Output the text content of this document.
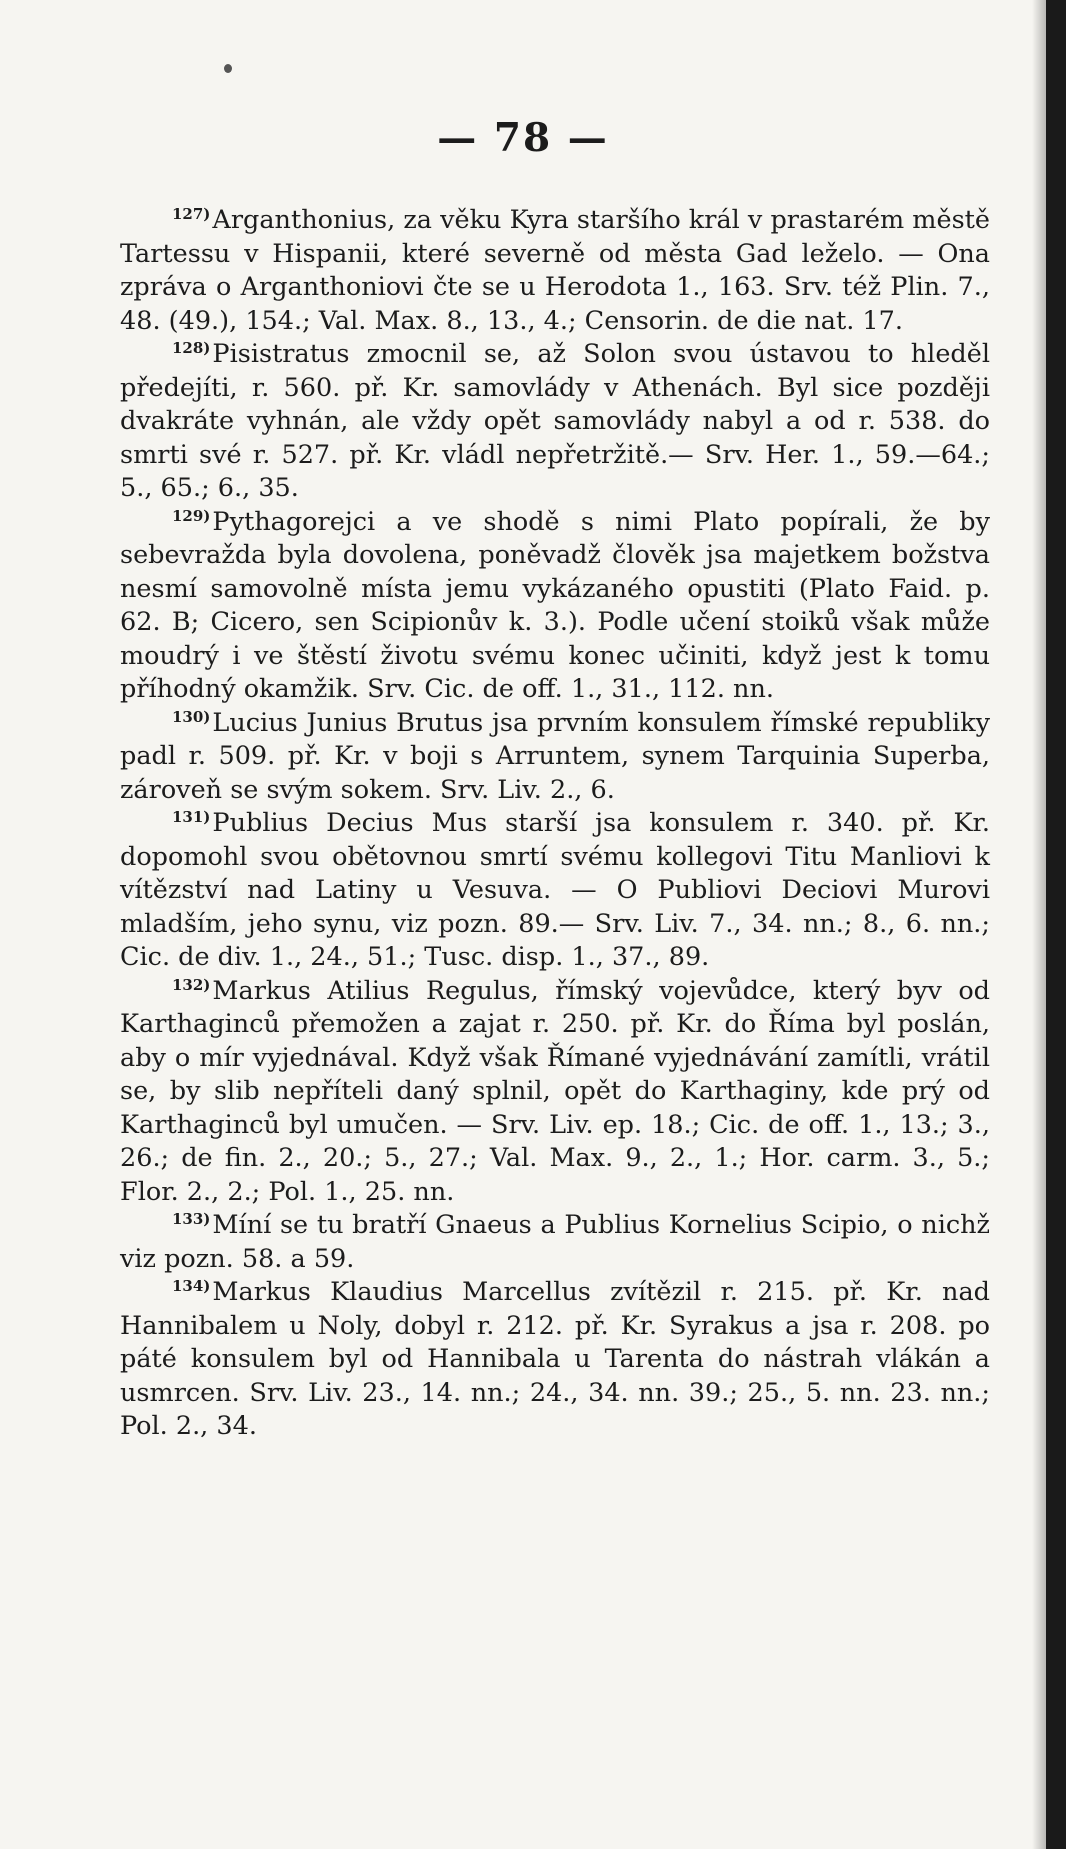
— 78 —

$^{127)}$Arganthonius, za věku Kyra staršího král v prastarém městě Tartessu v Hispanii, které severně od města Gad leželo. — Ona zpráva o Arganthoniovi čte se u Herodota 1., 163. Srv. též Plin. 7., 48. (49.), 154.; Val. Max. 8., 13., 4.; Censorin. de die nat. 17.

$^{128)}$Pisistratus zmocnil se, až Solon svou ústavou to hleděl předejíti, r. 560. př. Kr. samovlády v Athenách. Byl sice později dvakráte vyhnán, ale vždy opět samovlády nabyl a od r. 538. do smrti své r. 527. př. Kr. vládl nepřetržitě.— Srv. Her. 1., 59.—64.; 5., 65.; 6., 35.

$^{129)}$Pythagorejci a ve shodě s nimi Plato popírali, že by sebevražda byla dovolena, poněvadž člověk jsa majetkem božstva nesmí samovolně místa jemu vykázaného opustiti (Plato Faid. p. 62. B; Cicero, sen Scipionův k. 3.). Podle učení stoiků však může moudrý i ve štěstí životu svému konec učiniti, když jest k tomu příhodný okamžik. Srv. Cic. de off. 1., 31., 112. nn.

$^{130)}$Lucius Junius Brutus jsa prvním konsulem římské republiky padl r. 509. př. Kr. v boji s Arruntem, synem Tarquinia Superba, zároveň se svým sokem. Srv. Liv. 2., 6.

$^{131)}$Publius Decius Mus starší jsa konsulem r. 340. př. Kr. dopomohl svou obětovnou smrtí svému kollegovi Titu Manliovi k vítězství nad Latiny u Vesuva. — O Publiovi Deciovi Murovi mladším, jeho synu, viz pozn. 89.— Srv. Liv. 7., 34. nn.; 8., 6. nn.; Cic. de div. 1., 24., 51.; Tusc. disp. 1., 37., 89.

$^{132)}$Markus Atilius Regulus, římský vojevůdce, který byv od Karthaginců přemožen a zajat r. 250. př. Kr. do Říma byl poslán, aby o mír vyjednával. Když však Římané vyjednávání zamítli, vrátil se, by slib nepříteli daný splnil, opět do Karthaginy, kde prý od Karthaginců byl umučen. — Srv. Liv. ep. 18.; Cic. de off. 1., 13.; 3., 26.; de fin. 2., 20.; 5., 27.; Val. Max. 9., 2., 1.; Hor. carm. 3., 5.; Flor. 2., 2.; Pol. 1., 25. nn.

$^{133)}$Míní se tu bratří Gnaeus a Publius Kornelius Scipio, o nichž viz pozn. 58. a 59.

$^{134)}$Markus Klaudius Marcellus zvítězil r. 215. př. Kr. nad Hannibalem u Noly, dobyl r. 212. př. Kr. Syrakus a jsa r. 208. po páté konsulem byl od Hannibala u Tarenta do nástrah vlákán a usmrcen. Srv. Liv. 23., 14. nn.; 24., 34. nn. 39.; 25., 5. nn. 23. nn.; Pol. 2., 34.
